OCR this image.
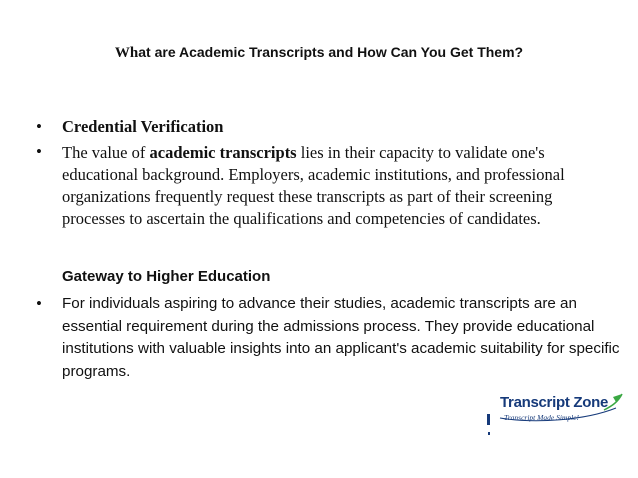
What are Academic Transcripts and How Can You Get Them?
• Credential Verification
• The value of academic transcripts lies in their capacity to validate one's educational background. Employers, academic institutions, and professional organizations frequently request these transcripts as part of their screening processes to ascertain the qualifications and competencies of candidates.
Gateway to Higher Education
• For individuals aspiring to advance their studies, academic transcripts are an essential requirement during the admissions process. They provide educational institutions with valuable insights into an applicant's academic suitability for specific programs.
Transcript Zone
Transcript Made Simple!
